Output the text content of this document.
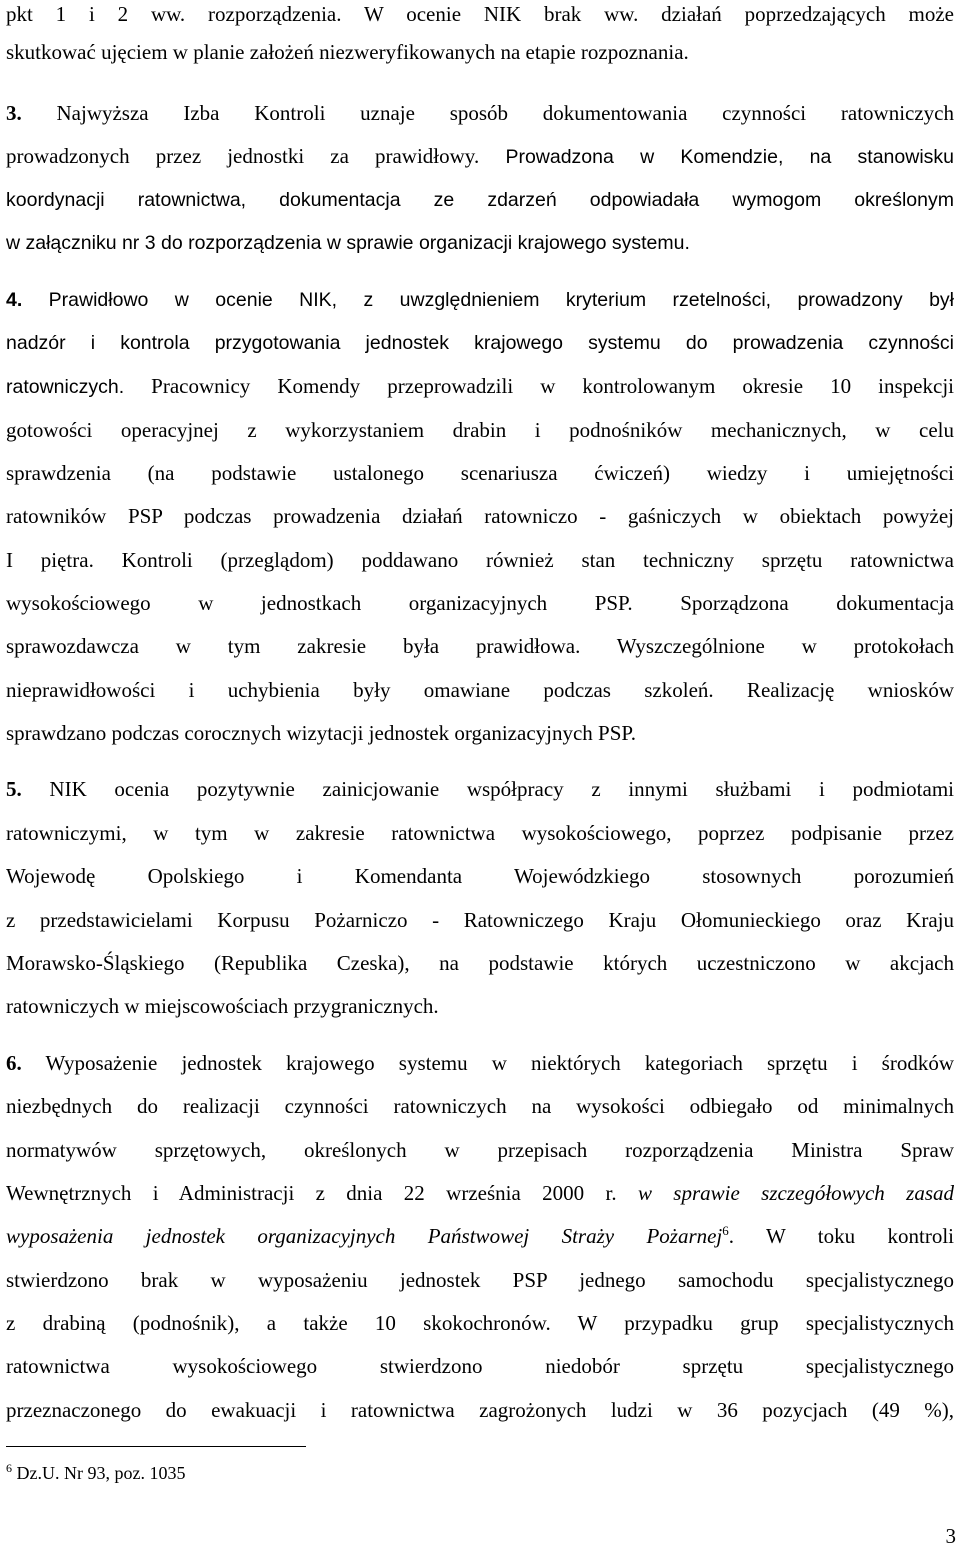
pkt 1 i 2 ww. rozporządzenia. W ocenie NIK brak ww. działań poprzedzających może
skutkować ujęciem w planie założeń niezweryfikowanych na etapie rozpoznania.
3. Najwyższa Izba Kontroli uznaje sposób dokumentowania czynności ratowniczych
prowadzonych przez jednostki za prawidłowy. Prowadzona w Komendzie, na stanowisku
koordynacji ratownictwa, dokumentacja ze zdarzeń odpowiadała wymogom określonym
w załączniku nr 3 do rozporządzenia w sprawie organizacji krajowego systemu.
4. Prawidłowo w ocenie NIK, z uwzględnieniem kryterium rzetelności, prowadzony był
nadzór i kontrola przygotowania jednostek krajowego systemu do prowadzenia czynności
ratowniczych. Pracownicy Komendy przeprowadzili w kontrolowanym okresie 10 inspekcji
gotowości operacyjnej z wykorzystaniem drabin i podnośników mechanicznych, w celu
sprawdzenia (na podstawie ustalonego scenariusza ćwiczeń) wiedzy i umiejętności
ratowników PSP podczas prowadzenia działań ratowniczo - gaśniczych w obiektach powyżej
I piętra. Kontroli (przeglądom) poddawano również stan techniczny sprzętu ratownictwa
wysokościowego w jednostkach organizacyjnych PSP. Sporządzona dokumentacja
sprawozdawcza w tym zakresie była prawidłowa. Wyszczególnione w protokołach
nieprawidłowości i uchybienia były omawiane podczas szkoleń. Realizację wniosków
sprawdzano podczas corocznych wizytacji jednostek organizacyjnych PSP.
5. NIK ocenia pozytywnie zainicjowanie współpracy z innymi służbami i podmiotami
ratowniczymi, w tym w zakresie ratownictwa wysokościowego, poprzez podpisanie przez
Wojewodę Opolskiego i Komendanta Wojewódzkiego stosownych porozumień
z przedstawicielami Korpusu Pożarniczo - Ratowniczego Kraju Ołomunieckiego oraz Kraju
Morawsko-Śląskiego (Republika Czeska), na podstawie których uczestniczono w akcjach
ratowniczych w miejscowościach przygranicznych.
6. Wyposażenie jednostek krajowego systemu w niektórych kategoriach sprzętu i środków
niezbędnych do realizacji czynności ratowniczych na wysokości odbiegało od minimalnych
normatywów sprzętowych, określonych w przepisach rozporządzenia Ministra Spraw
Wewnętrznych i Administracji z dnia 22 września 2000 r. w sprawie szczegółowych zasad
wyposażenia jednostek organizacyjnych Państwowej Straży Pożarnej$^6$. W toku kontroli
stwierdzono brak w wyposażeniu jednostek PSP jednego samochodu specjalistycznego
z drabiną (podnośnik), a także 10 skokochronów. W przypadku grup specjalistycznych
ratownictwa wysokościowego stwierdzono niedobór sprzętu specjalistycznego
przeznaczonego do ewakuacji i ratownictwa zagrożonych ludzi w 36 pozycjach (49 %),
$^6$ Dz.U. Nr 93, poz. 1035
3
